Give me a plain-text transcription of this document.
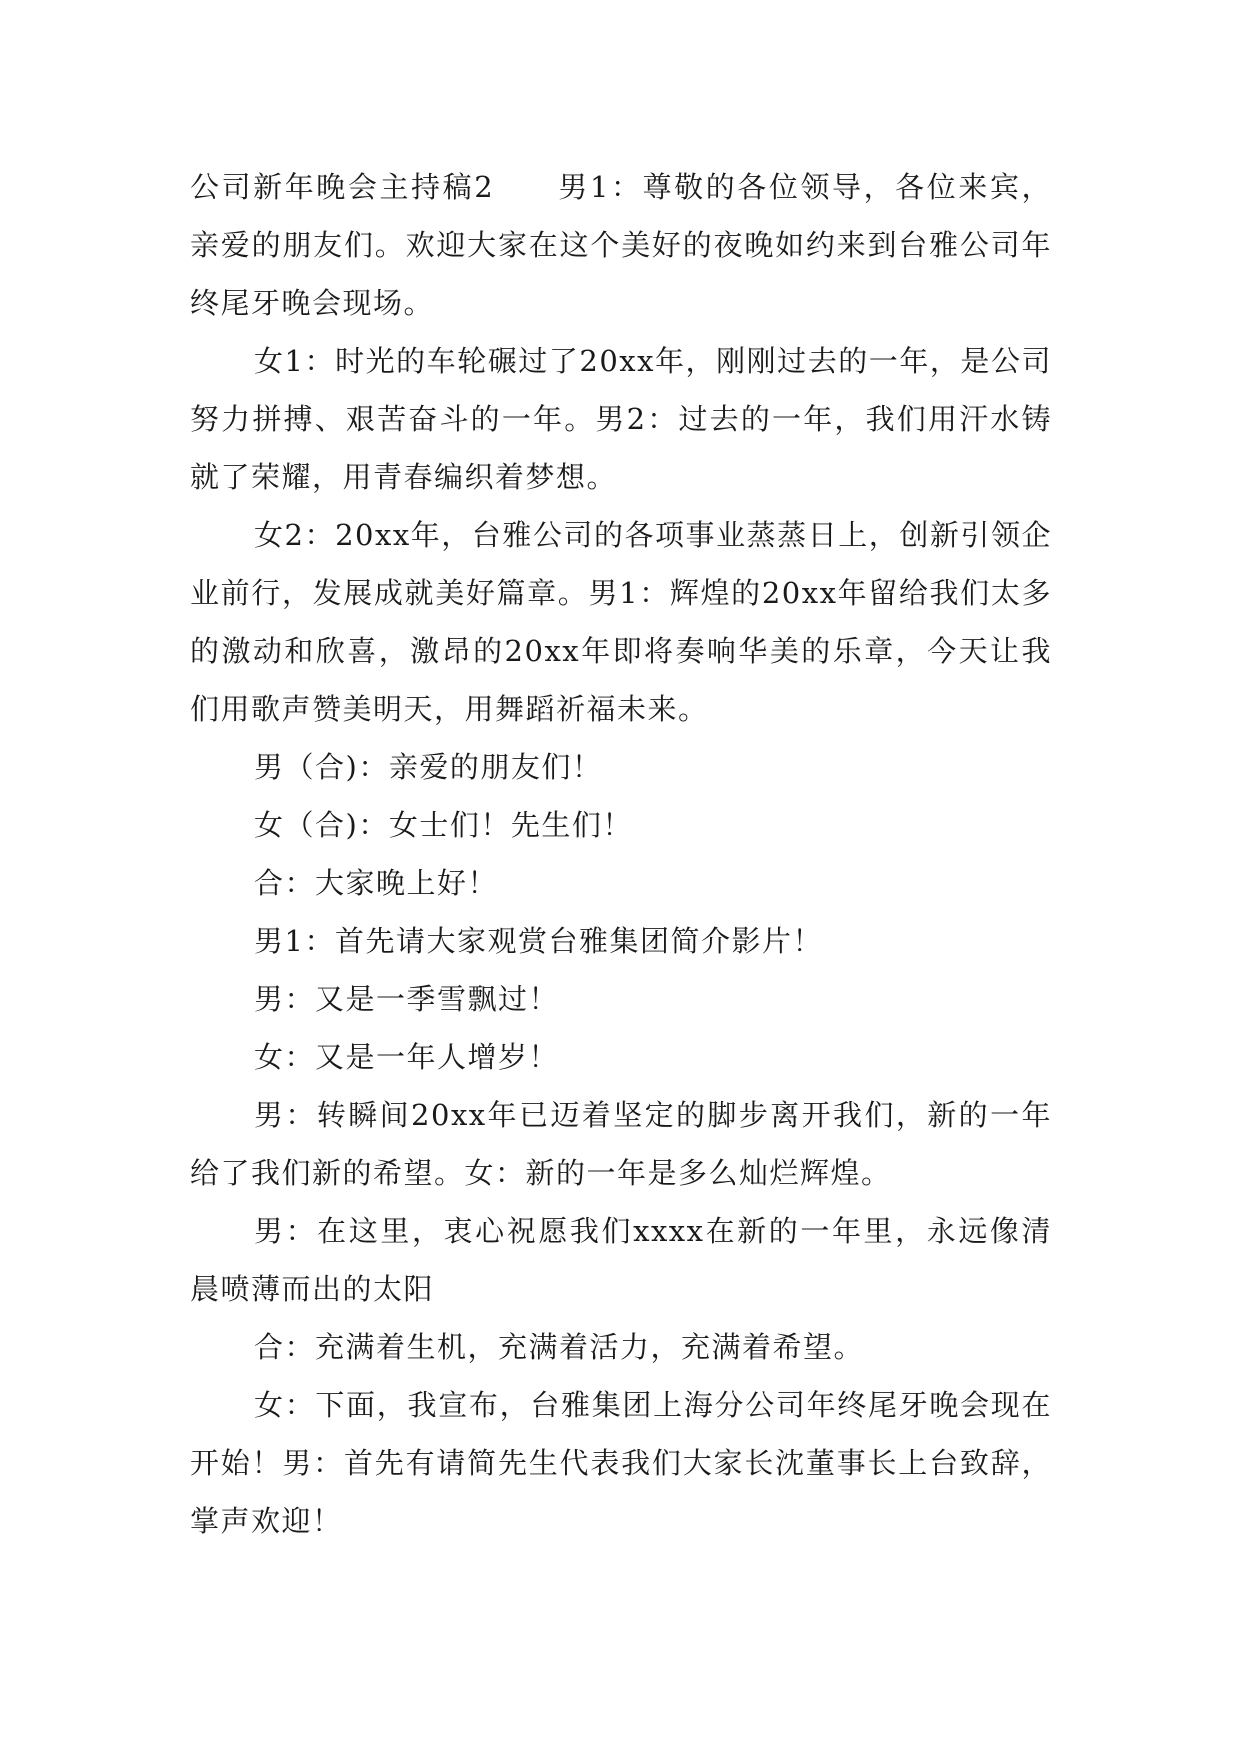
公司新年晚会主持稿2　　男1：尊敬的各位领导，各位来宾，亲爱的朋友们。欢迎大家在这个美好的夜晚如约来到台雅公司年终尾牙晚会现场。

女1：时光的车轮碾过了20xx年，刚刚过去的一年，是公司努力拼搏、艰苦奋斗的一年。男2：过去的一年，我们用汗水铸就了荣耀，用青春编织着梦想。

女2：20xx年，台雅公司的各项事业蒸蒸日上，创新引领企业前行，发展成就美好篇章。男1：辉煌的20xx年留给我们太多的激动和欣喜，激昂的20xx年即将奏响华美的乐章，今天让我们用歌声赞美明天，用舞蹈祈福未来。

男（合)：亲爱的朋友们！

女（合)：女士们！先生们！

合：大家晚上好！

男1：首先请大家观赏台雅集团简介影片！

男：又是一季雪飘过！

女：又是一年人增岁！

男：转瞬间20xx年已迈着坚定的脚步离开我们，新的一年给了我们新的希望。女：新的一年是多么灿烂辉煌。

男：在这里，衷心祝愿我们xxxx在新的一年里，永远像清晨喷薄而出的太阳

合：充满着生机，充满着活力，充满着希望。

女：下面，我宣布，台雅集团上海分公司年终尾牙晚会现在开始！男：首先有请简先生代表我们大家长沈董事长上台致辞，掌声欢迎！
